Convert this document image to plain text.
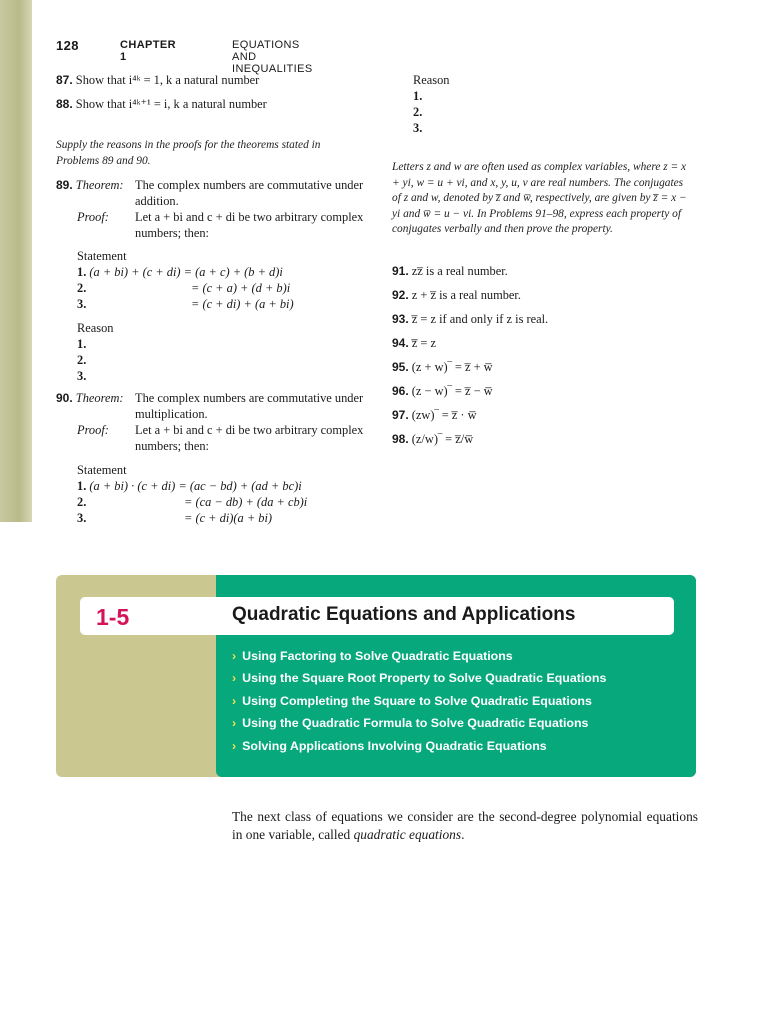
128	CHAPTER 1
EQUATIONS AND INEQUALITIES
87. Show that i⁴ᵏ = 1, k a natural number
88. Show that i⁴ᵏ⁺¹ = i, k a natural number
Supply the reasons in the proofs for the theorems stated in Problems 89 and 90.
89. Theorem: The complex numbers are commutative under
addition.
Proof: Let a + bi and c + di be two arbitrary complex
numbers; then:
Statement
1. (a + bi) + (c + di) = (a + c) + (b + d)i
2.	= (c + a) + (d + b)i
3.	= (c + di) + (a + bi)
Reason
1.
2.
3.
90. Theorem: The complex numbers are commutative under
multiplication.
Proof: Let a + bi and c + di be two arbitrary complex
numbers; then:
Statement
1. (a + bi) · (c + di) = (ac − bd) + (ad + bc)i
2.	= (ca − db) + (da + cb)i
3.	= (c + di)(a + bi)
Reason
1.
2.
3.
Letters z and w are often used as complex variables, where z = x + yi, w = u + vi, and x, y, u, v are real numbers. The conjugates of z and w, denoted by z̅ and w̅, respectively, are given by z̅ = x − yi and w̅ = u − vi. In Problems 91–98, express each property of conjugates verbally and then prove the property.
91. zz̅ is a real number.
92. z + z̅ is a real number.
93. z̅ = z if and only if z is real.
94. z̅̅ = z
95. (z + w)‾ = z̅ + w̅
96. (z − w)‾ = z̅ − w̅
97. (zw)‾ = z̅ · w̅
98. (z/w)‾ = z̅/w̅
1-5	Quadratic Equations and Applications
› Using Factoring to Solve Quadratic Equations
› Using the Square Root Property to Solve Quadratic Equations
› Using Completing the Square to Solve Quadratic Equations
› Using the Quadratic Formula to Solve Quadratic Equations
› Solving Applications Involving Quadratic Equations
The next class of equations we consider are the second-degree polynomial equations in one variable, called quadratic equations.
